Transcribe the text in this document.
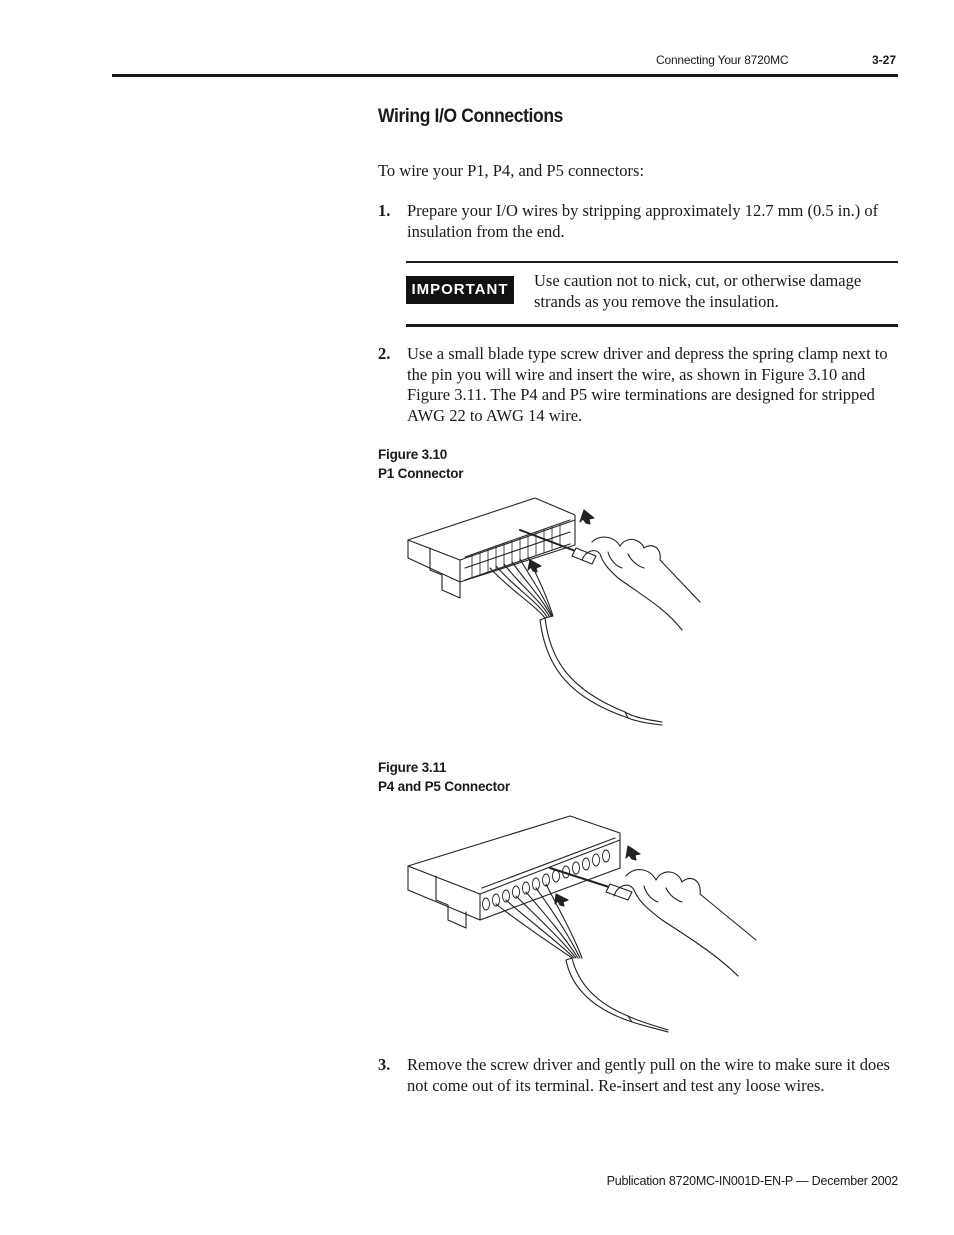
Connecting Your 8720MC	3-27
Wiring I/O Connections
To wire your P1, P4, and P5 connectors:
1. Prepare your I/O wires by stripping approximately 12.7 mm (0.5 in.) of insulation from the end.
IMPORTANT	Use caution not to nick, cut, or otherwise damage strands as you remove the insulation.
2. Use a small blade type screw driver and depress the spring clamp next to the pin you will wire and insert the wire, as shown in Figure 3.10 and Figure 3.11. The P4 and P5 wire terminations are designed for stripped AWG 22 to AWG 14 wire.
Figure 3.10
P1 Connector
Figure 3.11
P4 and P5 Connector
3. Remove the screw driver and gently pull on the wire to make sure it does not come out of its terminal. Re-insert and test any loose wires.
Publication 8720MC-IN001D-EN-P — December 2002
